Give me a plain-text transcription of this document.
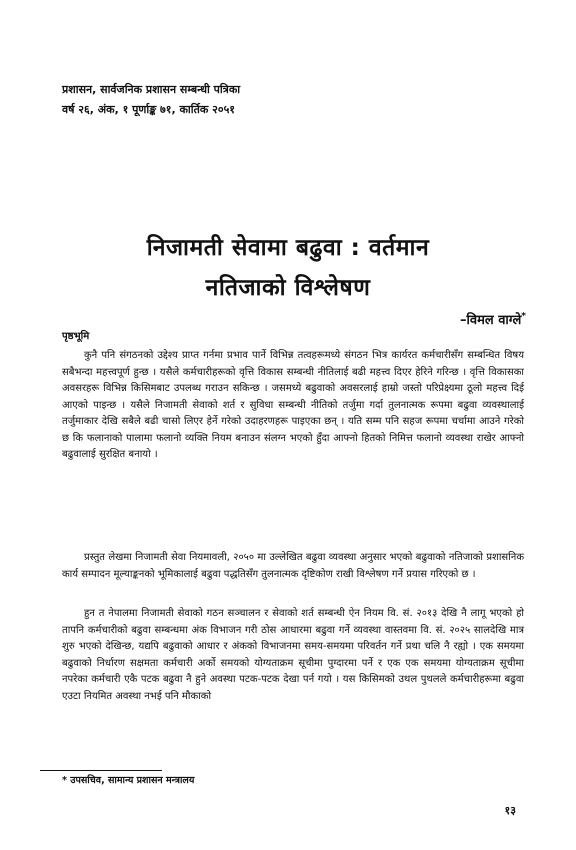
प्रशासन, सार्वजनिक प्रशासन सम्बन्धी पत्रिका
वर्ष २६, अंक, १ पूर्णाङ्क ७१, कार्तिक २०५१
निजामती सेवामा बढुवा : वर्तमान
नतिजाको विश्लेषण
–विमल वाग्ले*
पृष्ठभूमि
कुनै पनि संगठनको उद्देश्य प्राप्त गर्नमा प्रभाव पार्ने विभिन्न तत्वहरूमध्ये संगठन भित्र कार्यरत कर्मचारीसँग सम्बन्धित विषय सबैभन्दा महत्त्वपूर्ण हुन्छ । यसैले कर्मचारीहरूको वृत्ति विकास सम्बन्धी नीतिलाई बढी महत्त्व दिएर हेरिने गरिन्छ । वृत्ति विकासका अवसरहरू विभिन्न किसिमबाट उपलब्ध गराउन सकिन्छ । जसमध्ये बढुवाको अवसरलाई हाम्रो जस्तो परिप्रेक्ष्यमा ठूलो महत्त्व दिई आएको पाइन्छ । यसैले निजामती सेवाको शर्त र सुविधा सम्बन्धी नीतिको तर्जुमा गर्दा तुलनात्मक रूपमा बढुवा व्यवस्थालाई तर्जुमाकार देखि सबैले बढी चासो लिएर हेर्ने गरेको उदाहरणहरू पाइएका छन् । यति सम्म पनि सहज रूपमा चर्चामा आउने गरेको छ कि फलानाको पालामा फलानो व्यक्ति नियम बनाउन संलग्न भएको हुँदा आफ्नो हितको निमित्त फलानो व्यवस्था राखेर आफ्नो बढुवालाई सुरक्षित बनायो ।
प्रस्तुत लेखमा निजामती सेवा नियमावली, २०५० मा उल्लेखित बढुवा व्यवस्था अनुसार भएको बढुवाको नतिजाको प्रशासनिक कार्य सम्पादन मूल्याङ्कनको भूमिकालाई बढुवा पद्धतिसँग तुलनात्मक दृष्टिकोण राखी विश्लेषण गर्ने प्रयास गरिएको छ ।
हुन त नेपालमा निजामती सेवाको गठन सञ्चालन र सेवाको शर्त सम्बन्धी ऐन नियम वि. सं. २०१३ देखि नै लागू भएको हो तापनि कर्मचारीको बढुवा सम्बन्धमा अंक विभाजन गरी ठोस आधारमा बढुवा गर्ने व्यवस्था वास्तवमा वि. सं. २०२५ सालदेखि मात्र शुरु भएको देखिन्छ, यद्यपि बढुवाको आधार र अंकको विभाजनमा समय-समयमा परिवर्तन गर्ने प्रथा चलि नै रह्यो । एक समयमा बढुवाको निर्धारण सक्षमता कर्मचारी अर्को समयको योग्यताक्रम सूचीमा पुग्दारमा पर्ने र एक एक समयमा योग्यताक्रम सूचीमा नपरेका कर्मचारी एकै पटक बढुवा नै हुने अवस्था पटक-पटक देखा पर्न गयो । यस किसिमको उथल पुथलले कर्मचारीहरूमा बढुवा एउटा नियमित अवस्था नभई पनि मौकाको
* उपसचिव, सामान्य प्रशासन मन्त्रालय
१३
